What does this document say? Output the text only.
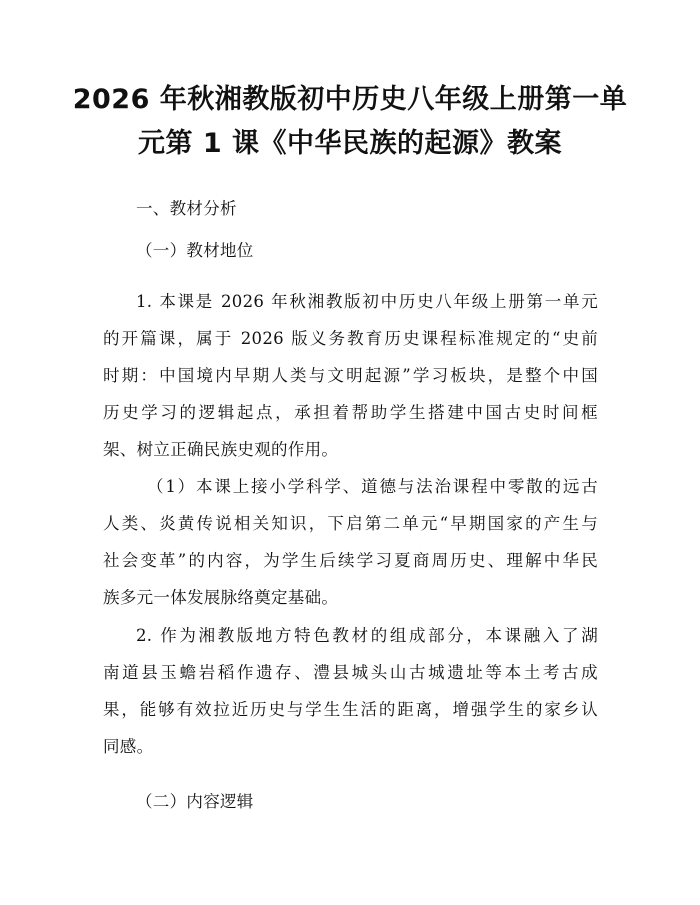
2026 年秋湘教版初中历史八年级上册第一单
元第 1 课《中华民族的起源》教案
一、教材分析
（一）教材地位
1. 本课是 2026 年秋湘教版初中历史八年级上册第一单元
的开篇课，属于 2026 版义务教育历史课程标准规定的“史前
时期：中国境内早期人类与文明起源”学习板块，是整个中国
历史学习的逻辑起点，承担着帮助学生搭建中国古史时间框
架、树立正确民族史观的作用。
（1）本课上接小学科学、道德与法治课程中零散的远古
人类、炎黄传说相关知识，下启第二单元“早期国家的产生与
社会变革”的内容，为学生后续学习夏商周历史、理解中华民
族多元一体发展脉络奠定基础。
2. 作为湘教版地方特色教材的组成部分，本课融入了湖
南道县玉蟾岩稻作遗存、澧县城头山古城遗址等本土考古成
果，能够有效拉近历史与学生生活的距离，增强学生的家乡认
同感。
（二）内容逻辑
